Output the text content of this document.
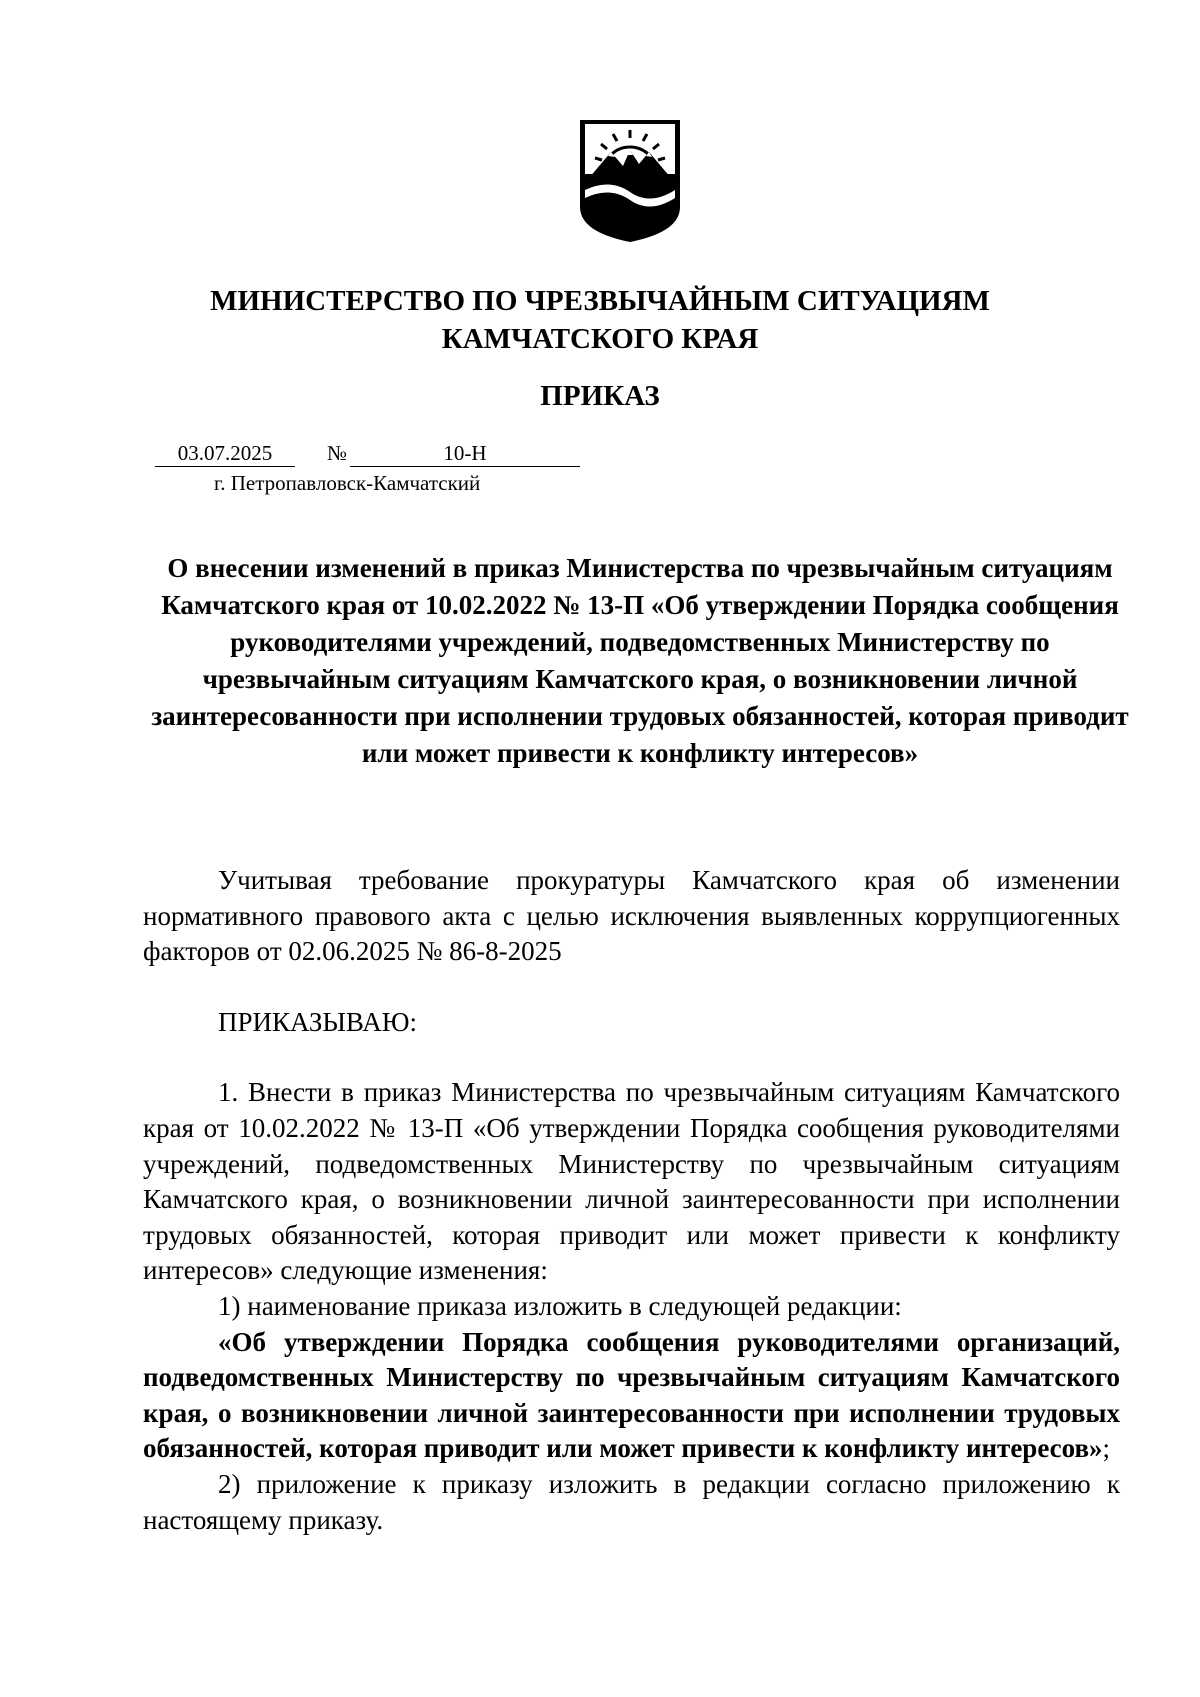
МИНИСТЕРСТВО ПО ЧРЕЗВЫЧАЙНЫМ СИТУАЦИЯМ
КАМЧАТСКОГО КРАЯ
ПРИКАЗ
03.07.2025	№	10-Н
г. Петропавловск-Камчатский
О внесении изменений в приказ Министерства по чрезвычайным ситуациям Камчатского края от 10.02.2022 № 13-П «Об утверждении Порядка сообщения руководителями учреждений, подведомственных Министерству по чрезвычайным ситуациям Камчатского края, о возникновении личной заинтересованности при исполнении трудовых обязанностей, которая приводит или может привести к конфликту интересов»

Учитывая требование прокуратуры Камчатского края об изменении нормативного правового акта с целью исключения выявленных коррупциогенных факторов от 02.06.2025 № 86-8-2025

ПРИКАЗЫВАЮ:

1. Внести в приказ Министерства по чрезвычайным ситуациям Камчатского края от 10.02.2022 № 13-П «Об утверждении Порядка сообщения руководителями учреждений, подведомственных Министерству по чрезвычайным ситуациям Камчатского края, о возникновении личной заинтересованности при исполнении трудовых обязанностей, которая приводит или может привести к конфликту интересов» следующие изменения:

1) наименование приказа изложить в следующей редакции:

«Об утверждении Порядка сообщения руководителями организаций, подведомственных Министерству по чрезвычайным ситуациям Камчатского края, о возникновении личной заинтересованности при исполнении трудовых обязанностей, которая приводит или может привести к конфликту интересов»;

2) приложение к приказу изложить в редакции согласно приложению к настоящему приказу.
